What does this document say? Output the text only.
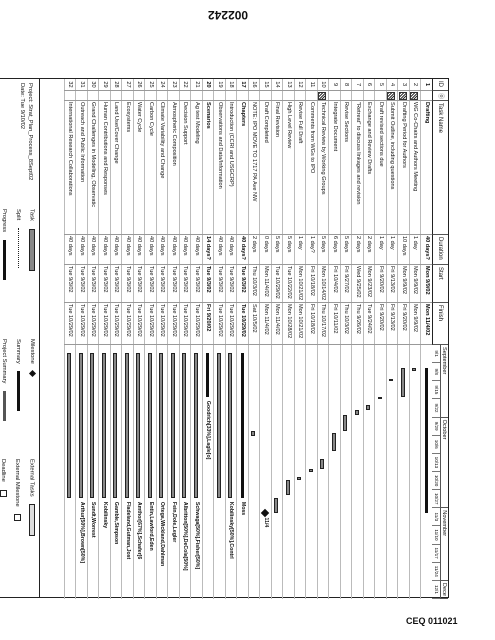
002242
ID
⓪
Task Name
Duration
Start
Finish
September
October
November
Dece
9/1
9/8
9/15
9/22
9/29
10/6
10/13
10/20
10/27
11/3
11/10
11/17
11/24
12/1
1
Drafting
40 days?
Mon 9/9/02
Mon 11/4/02
2
WG Co-Chairs and Authors Meeting
1 day
Mon 9/9/02
Mon 9/9/02
3
Drafting Period for Authors
10 days
Mon 9/9/02
Fri 9/20/02
4
Submit Outline, including questions
1 day
Fri 9/13/02
Fri 9/13/02
5
Draft revised sections due
1 day
Fri 9/20/02
Fri 9/20/02
6
Exchange and Review Drafts
2 days
Mon 9/23/02
Tue 9/24/02
7
"Retreat" to discuss linkages and revision
2 days
Wed 9/25/02
Thu 9/26/02
8
Revise Sections
5 days
Fri 9/27/02
Thu 10/3/02
9
Integrate Document
6 days
Fri 10/4/02
Fri 10/11/02
10
Technical Review by Working Groups
5 days
Mon 10/14/02
Thu 10/17/02
11
Comments from WGs to IPO
1 day?
Fri 10/18/02
Fri 10/18/02
12
Revise Full Draft
1 day
Mon 10/21/02
Mon 10/21/02
13
High Level Review
5 days
Tue 10/22/02
Mon 10/28/02
14
Final Revision
5 days
Tue 10/29/02
Mon 11/4/02
15
Draft Completed
0 days
Mon 11/4/02
Mon 11/4/02
16
NOTE: IPO MOVE TO 1717 PA Ave NW
2 days
Thu 10/3/02
Sat 10/5/02
17
Chapters
40 days?
Tue 9/3/02
Tue 10/29/02
18
Introduction (CCRI and USGCRP)
40 days
Tue 9/3/02
Tue 10/29/02
19
Observations and Data/Information
40 days
Tue 9/3/02
Tue 10/29/02
20
Scenarios
14 days?
Tue 9/3/02
Fri 9/20/02
21
Ag test Modeling
40 days
Tue 9/3/02
Tue 10/29/02
22
Decision Support
40 days
Tue 9/3/02
Tue 10/29/02
23
Atmospheric Composition
40 days
Tue 9/3/02
Tue 10/29/02
24
Climate Variability and Change
40 days
Tue 9/3/02
Tue 10/29/02
25
Carbon Cycle
40 days
Tue 9/3/02
Tue 10/29/02
26
Water Cycle
40 days
Tue 9/3/02
Tue 10/29/02
27
Ecosystems
40 days
Tue 9/3/02
Tue 10/29/02
28
Land Use/Cover Change
40 days
Tue 9/3/02
Tue 10/29/02
29
Human Contributions and Responses
40 days
Tue 9/3/02
Tue 10/29/02
30
Grand Challenges in Modeling, Observatic
40 days
Tue 9/3/02
Tue 10/29/02
31
Outreach and Public Information
40 days
Tue 9/3/02
Tue 10/29/02
32
International Research Collaborations
40 days
Tue 9/3/02
Tue 10/29/02
11/4
Moss
Kobilinsky[50%],Contrl
Goodrich[33%],Lagle[o]
Schwaga[50%],Fisher[50%]
Albritton[50%],DeCola[50%]
Fein,Dole,Legler
Ortega,Wickland,Dahlman
Entin,Lawford,Eden
Amthor[67%],Schafer[6
Fladeland,Gutman,Jost
Gamble,Simpson
Kobilinsky
Sundt,Worrest
Arthur[50%],Brown[50%]
Project: Strat_Plan_Process_8Sept02
Date: Tue 9/10/02
Task
Split
Progress
Milestone
Summary
Project Summary
External Tasks
External Milestone
Deadline
CEQ 011021
